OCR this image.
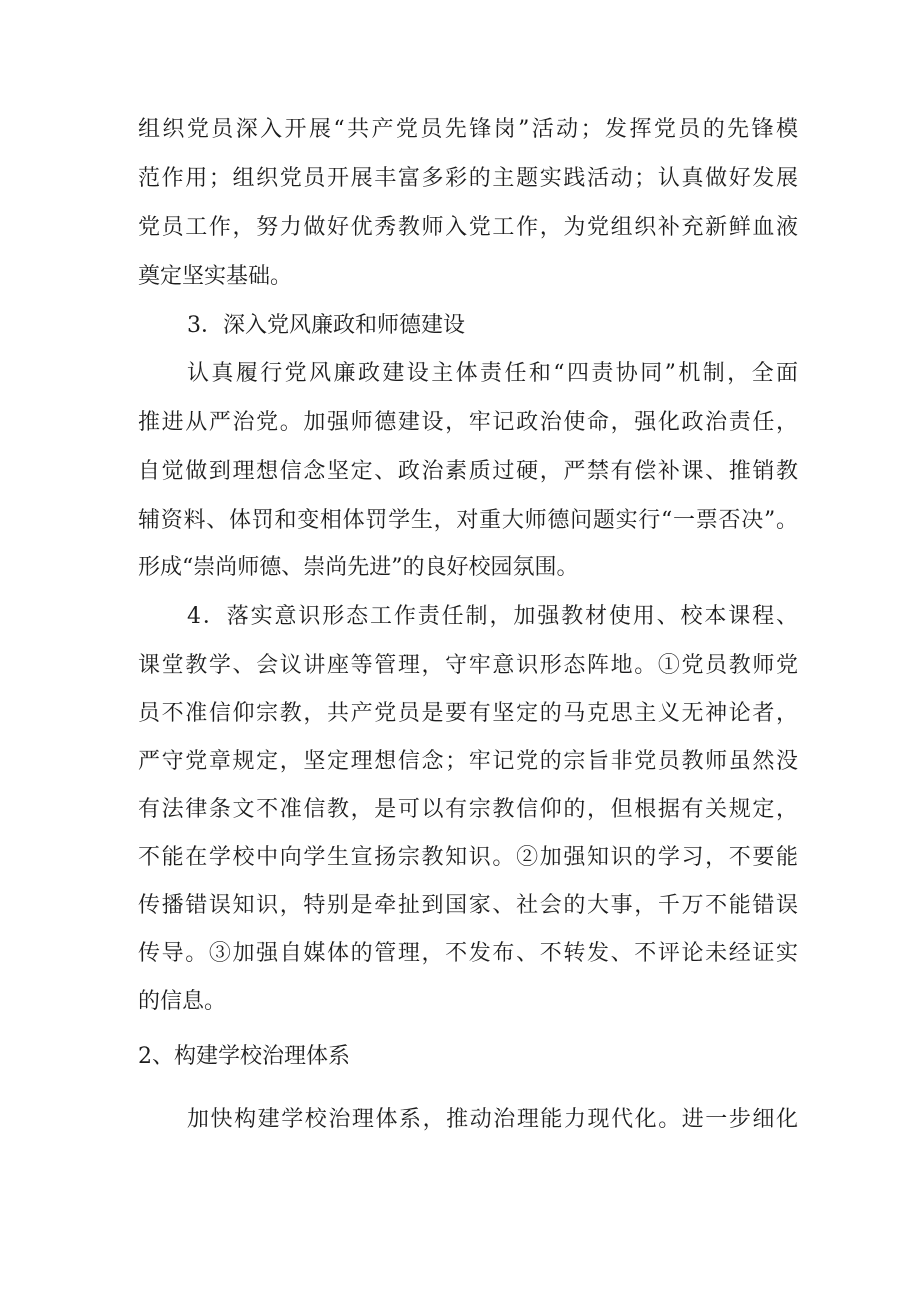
组织党员深入开展“共产党员先锋岗”活动；发挥党员的先锋模
范作用；组织党员开展丰富多彩的主题实践活动；认真做好发展
党员工作，努力做好优秀教师入党工作，为党组织补充新鲜血液
奠定坚实基础。
3．深入党风廉政和师德建设
认真履行党风廉政建设主体责任和“四责协同”机制，全面
推进从严治党。加强师德建设，牢记政治使命，强化政治责任，
自觉做到理想信念坚定、政治素质过硬，严禁有偿补课、推销教
辅资料、体罚和变相体罚学生，对重大师德问题实行“一票否决”。
形成“崇尚师德、崇尚先进”的良好校园氛围。
4．落实意识形态工作责任制，加强教材使用、校本课程、
课堂教学、会议讲座等管理，守牢意识形态阵地。①党员教师党
员不准信仰宗教，共产党员是要有坚定的马克思主义无神论者，
严守党章规定，坚定理想信念；牢记党的宗旨非党员教师虽然没
有法律条文不准信教，是可以有宗教信仰的，但根据有关规定，
不能在学校中向学生宣扬宗教知识。②加强知识的学习，不要能
传播错误知识，特别是牵扯到国家、社会的大事，千万不能错误
传导。③加强自媒体的管理，不发布、不转发、不评论未经证实
的信息。
2、构建学校治理体系
加快构建学校治理体系，推动治理能力现代化。进一步细化
